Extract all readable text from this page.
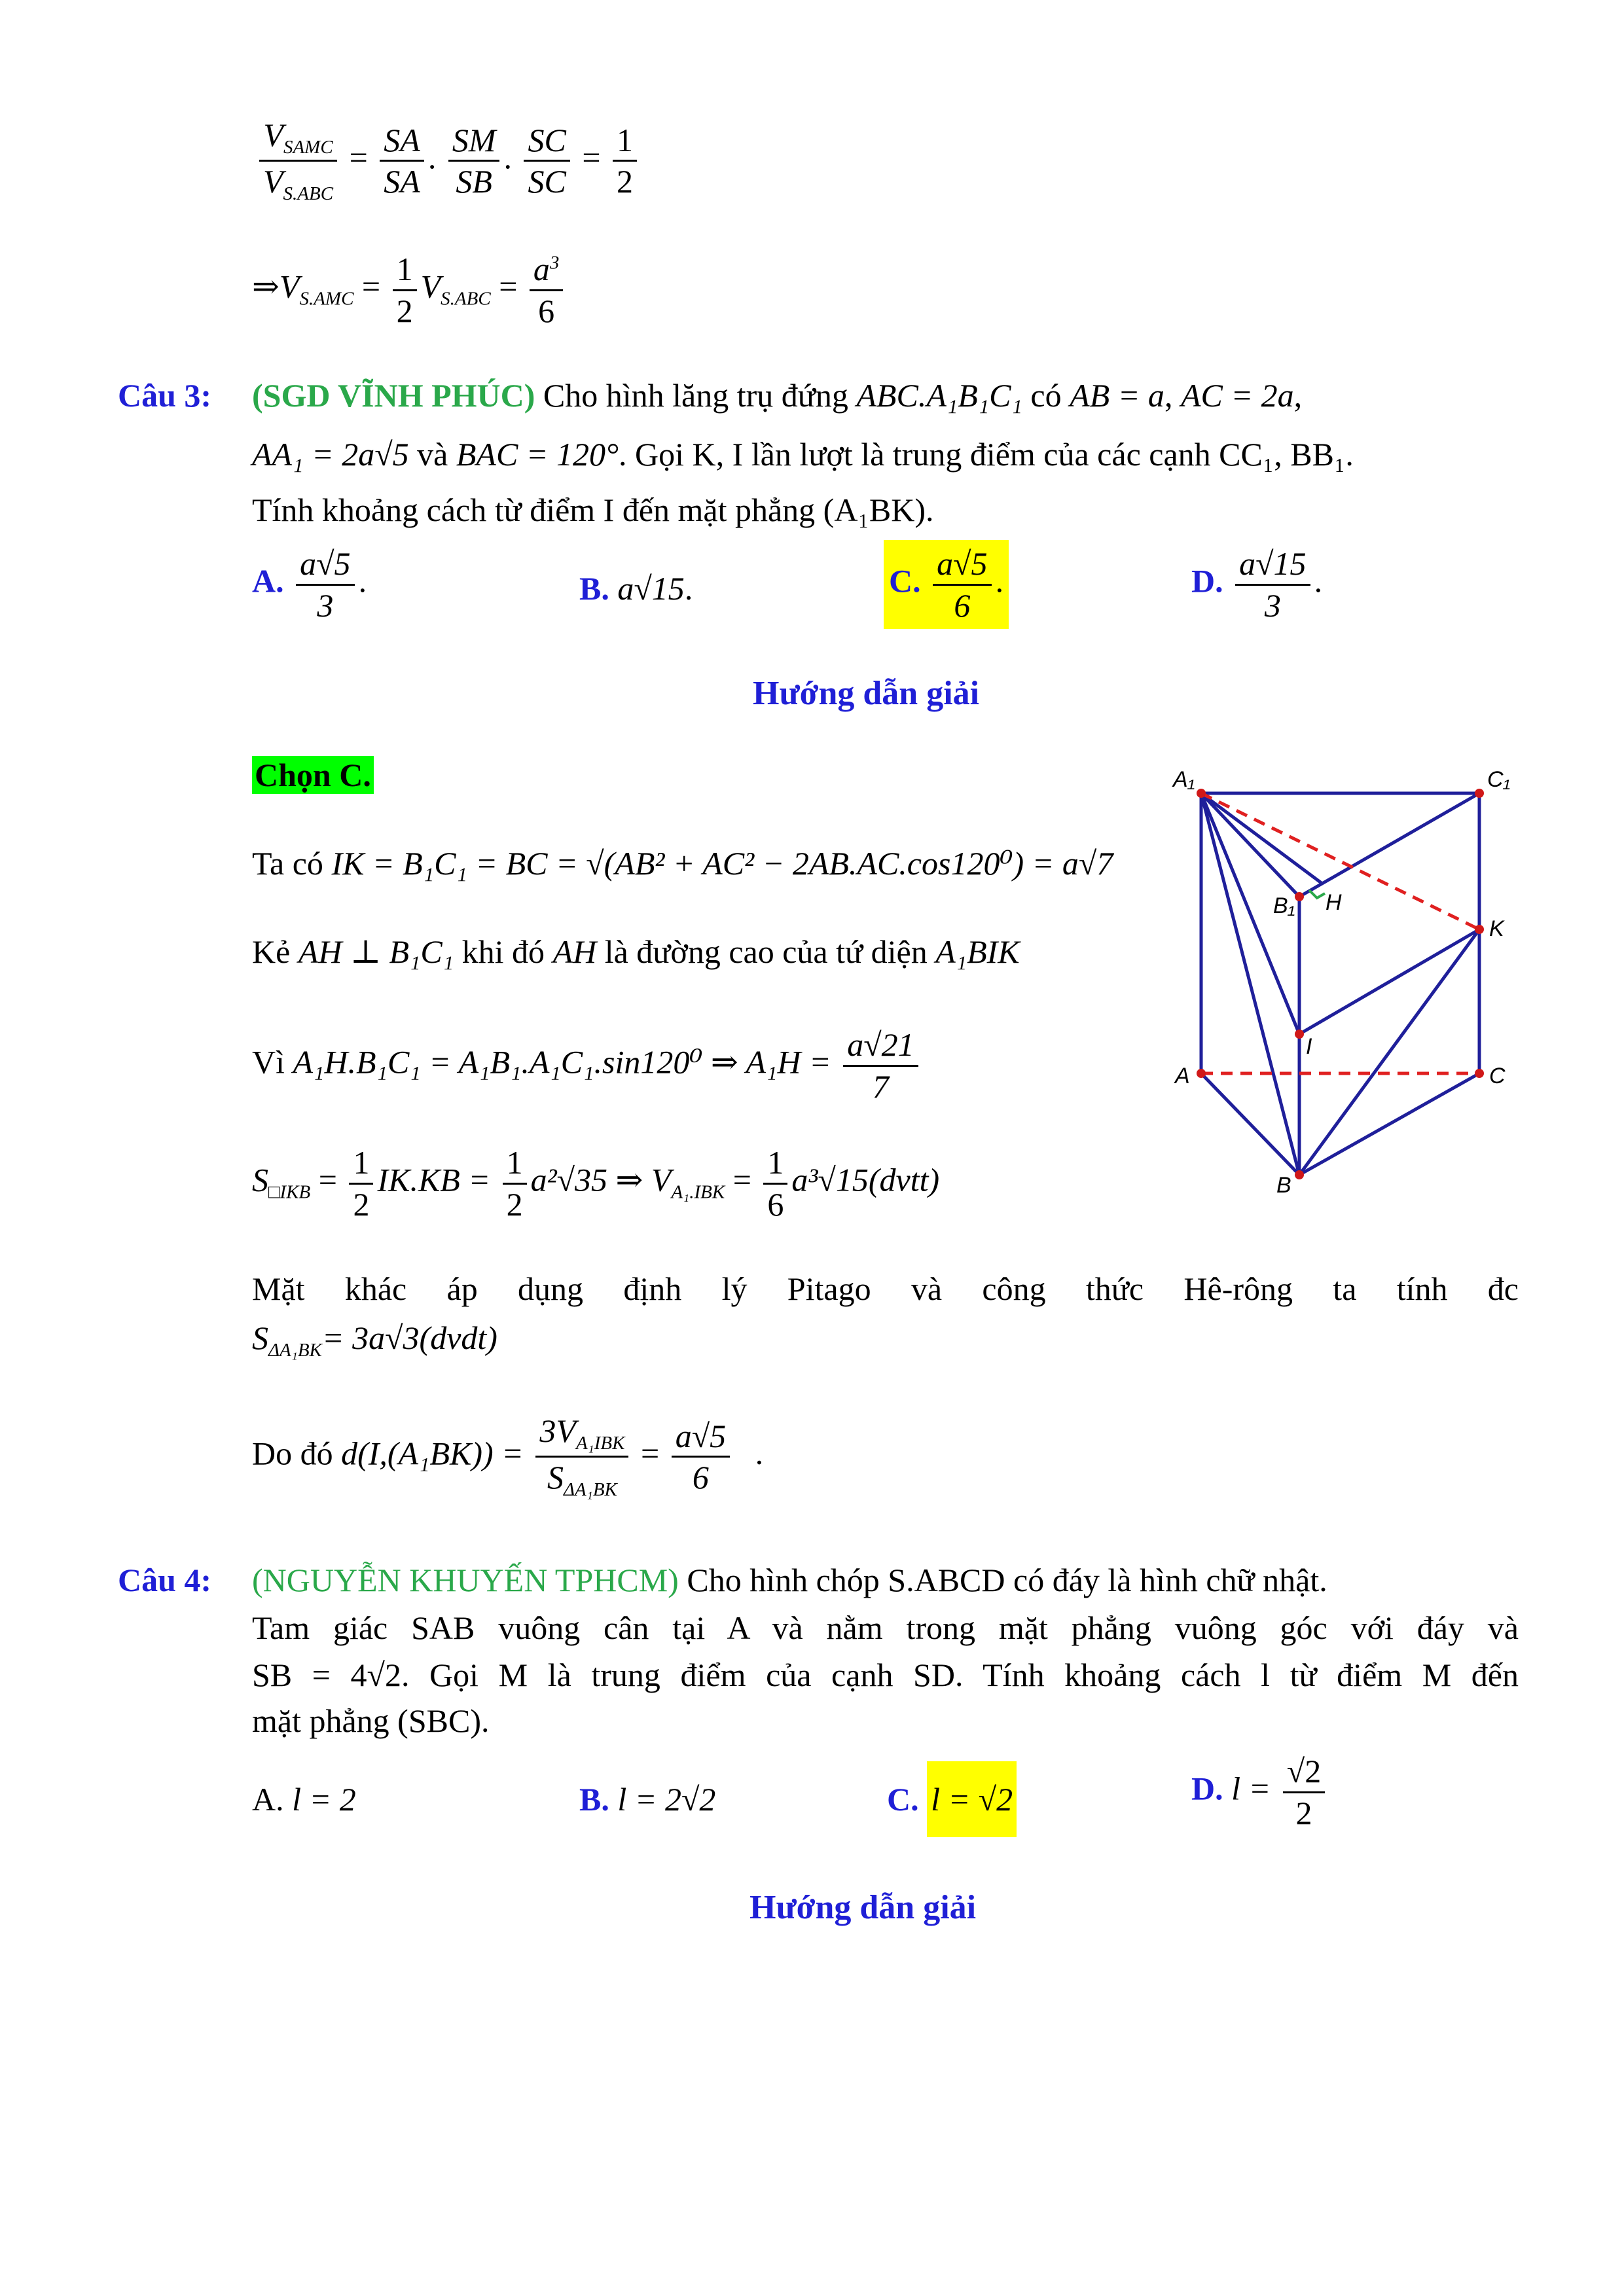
$\frac{V_{SAMC}}{V_{S.ABC}} = \frac{SA}{SA}$ . $\frac{SM}{SB}$ . $\frac{SC}{SC} = \frac{1}{2}$
$\Rightarrow V_{S.AMC} = \frac{1}{2} V_{S.ABC} = \frac{a^3}{6}$
Câu 3: (SGD VĨNH PHÚC) Cho hình lăng trụ đứng ABC.A₁B₁C₁ có AB = a, AC = 2a,
AA₁ = 2a√5 và BAC = 120°. Gọi K, I lần lượt là trung điểm của các cạnh CC₁, BB₁.
Tính khoảng cách từ điểm I đến mặt phẳng (A₁BK).
A. $\frac{a√5}{3}$ .	B. a√15.	C. $\frac{a√5}{6}$ .	D. $\frac{a√15}{3}$ .
Hướng dẫn giải
Chọn C.
Ta có IK = B₁C₁ = BC = √(AB² + AC² − 2AB.AC.cos120⁰) = a√7
Kẻ AH ⊥ B₁C₁ khi đó AH là đường cao của tứ diện A₁BIK
Vì A₁H.B₁C₁ = A₁B₁.A₁C₁.sin120⁰ ⇒ $A_1H = \frac{a√21}{7}$
$S_{□IKB} = \frac{1}{2} IK.KB = \frac{1}{2} a^2√35$ ⇒ $V_{A_1.IBK} = \frac{1}{6}$ a³√15(dvtt)
Mặt khác áp dụng định lý Pitago và công thức Hê-rông ta tính đc
$S_{\Delta A_1BK}=$ 3a√3(dvdt)
Do đó $d(I,(A_1BK)) = \frac{3V_{A_1IBK}}{S_{\Delta A_1BK}} = \frac{a√5}{6}$ .
A₁	C₁
B₁ H
K
I
A	C
B
Câu 4: (NGUYỄN KHUYẾN TPHCM) Cho hình chóp S.ABCD có đáy là hình chữ nhật.
Tam giác SAB vuông cân tại A và nằm trong mặt phẳng vuông góc với đáy và
SB = 4√2. Gọi M là trung điểm của cạnh SD. Tính khoảng cách l từ điểm M đến
mặt phẳng (SBC).
A. l = 2	B. l = 2√2	C. l = √2	D. $l = \frac{√2}{2}$
Hướng dẫn giải
